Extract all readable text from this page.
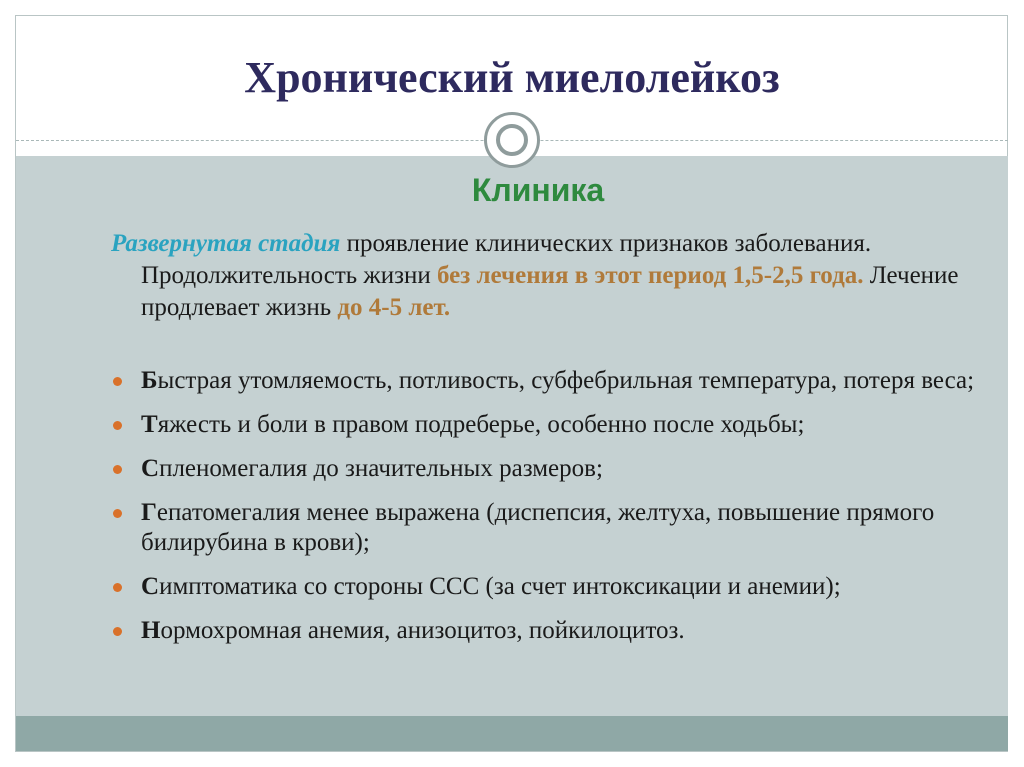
Хронический миелолейкоз
Клиника

Развернутая стадия проявление клинических признаков заболевания. Продолжительность жизни без лечения в этот период 1,5-2,5 года. Лечение продлевает жизнь до 4-5 лет.

Быстрая утомляемость, потливость, субфебрильная температура, потеря веса;
Тяжесть и боли в правом подреберье, особенно после ходьбы;
Спленомегалия до значительных размеров;
Гепатомегалия менее выражена (диспепсия, желтуха, повышение прямого билирубина в крови);
Симптоматика со стороны ССС (за счет интоксикации и анемии);
Нормохромная анемия, анизоцитоз, пойкилоцитоз.
